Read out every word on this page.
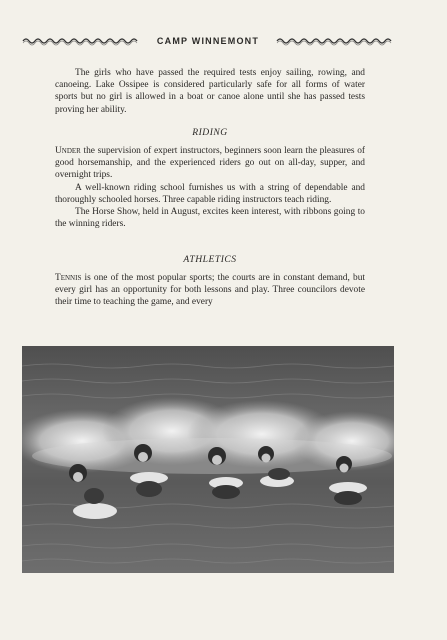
CAMP WINNEMONT

The girls who have passed the required tests enjoy sailing, rowing, and canoeing. Lake Ossipee is considered particularly safe for all forms of water sports but no girl is allowed in a boat or canoe alone until she has passed tests proving her ability.

RIDING

Under the supervision of expert instructors, beginners soon learn the pleasures of good horsemanship, and the experienced riders go out on all-day, supper, and overnight trips.

A well-known riding school furnishes us with a string of dependable and thoroughly schooled horses. Three capable riding instructors teach riding.

The Horse Show, held in August, excites keen interest, with ribbons going to the winning riders.

ATHLETICS

Tennis is one of the most popular sports; the courts are in constant demand, but every girl has an opportunity for both lessons and play. Three councilors devote their time to teaching the game, and every
